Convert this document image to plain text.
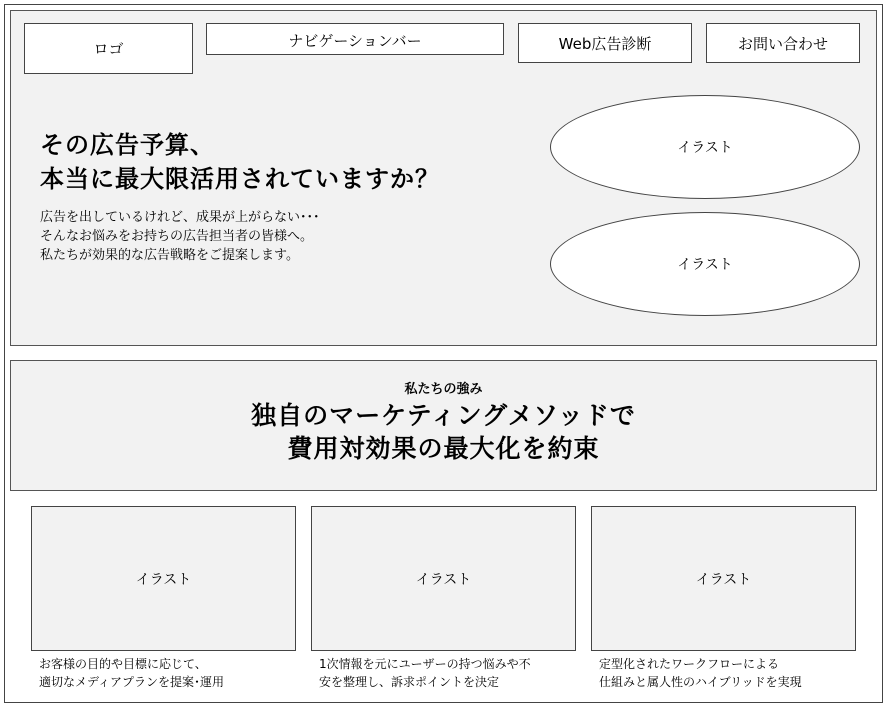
ロゴ	ナビゲーションバー	Web広告診断	お問い合わせ
その広告予算、
本当に最大限活用されていますか？

広告を出しているけれど、成果が上がらない･･･
そんなお悩みをお持ちの広告担当者の皆様へ。
私たちが効果的な広告戦略をご提案します。

イラスト
イラスト
私たちの強み
独自のマーケティングメソッドで
費用対効果の最大化を約束
イラスト	イラスト	イラスト
お客様の目的や目標に応じて、
適切なメディアプランを提案･運用
1次情報を元にユーザーの持つ悩みや不
安を整理し、訴求ポイントを決定
定型化されたワークフローによる
仕組みと属人性のハイブリッドを実現
